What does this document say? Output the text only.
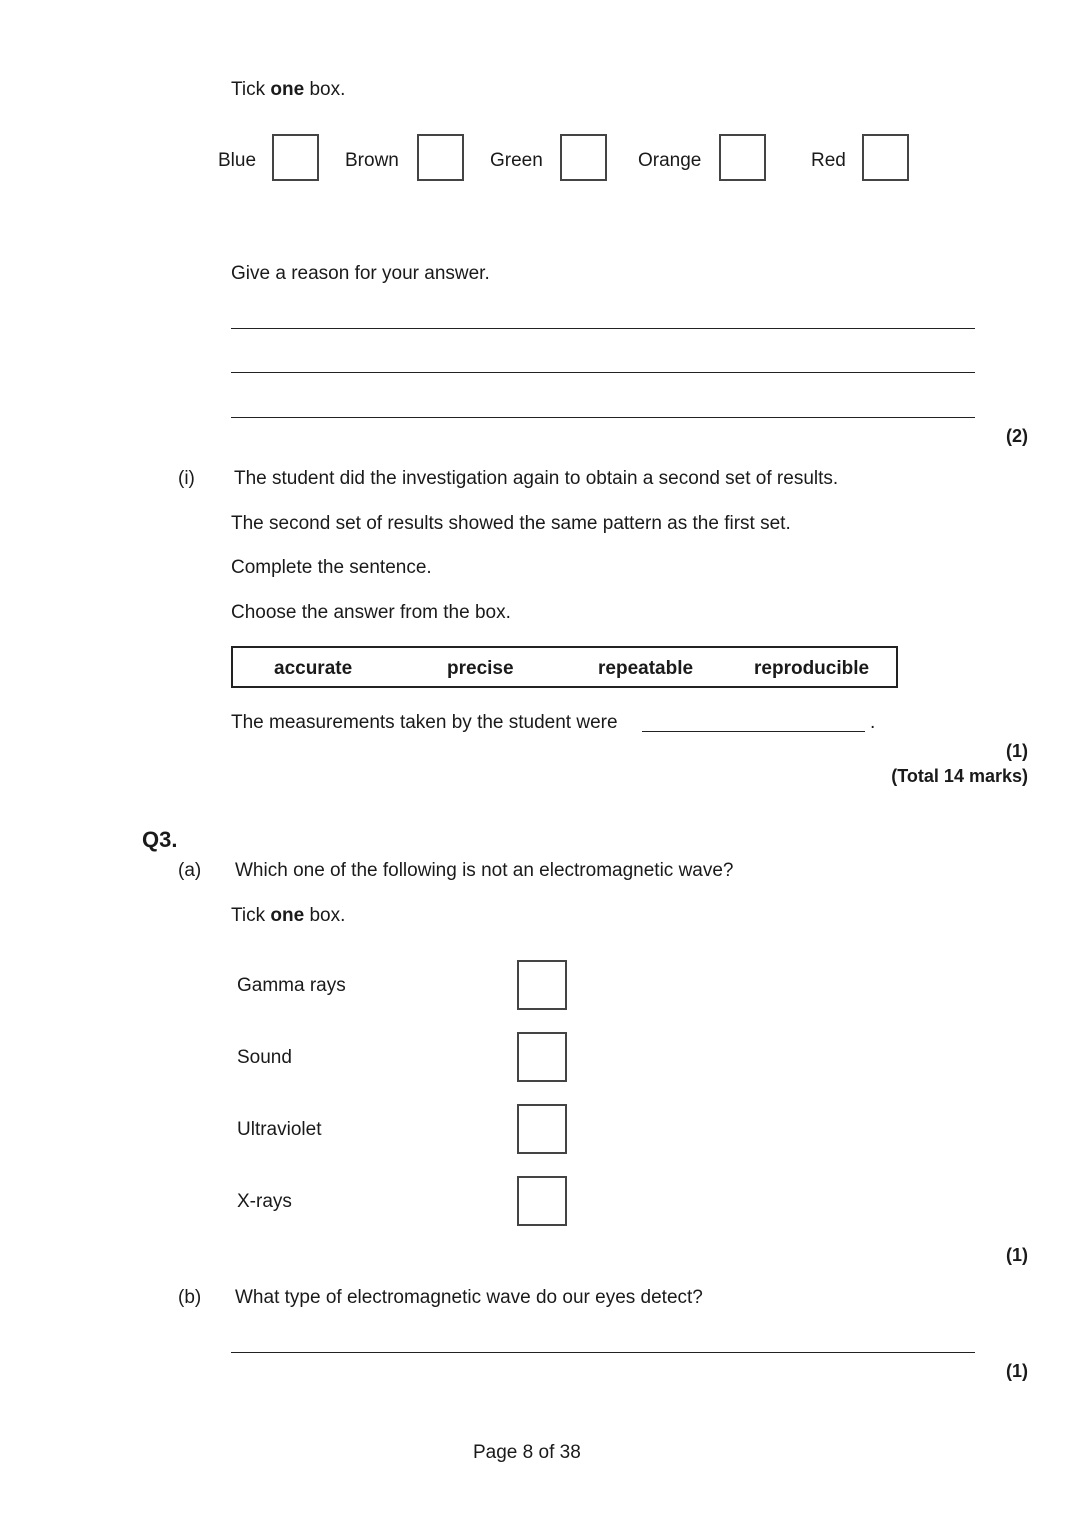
Tick one box.
Blue	Brown	Green	Orange	Red
Give a reason for your answer.
(2)
(i) The student did the investigation again to obtain a second set of results.
The second set of results showed the same pattern as the first set.
Complete the sentence.
Choose the answer from the box.
accurate	precise	repeatable	reproducible
The measurements taken by the student were	.
(1)
(Total 14 marks)
Q3.
(a) Which one of the following is not an electromagnetic wave?
Tick one box.
Gamma rays
Sound
Ultraviolet
X-rays
(1)
(b) What type of electromagnetic wave do our eyes detect?
(1)
Page 8 of 38
